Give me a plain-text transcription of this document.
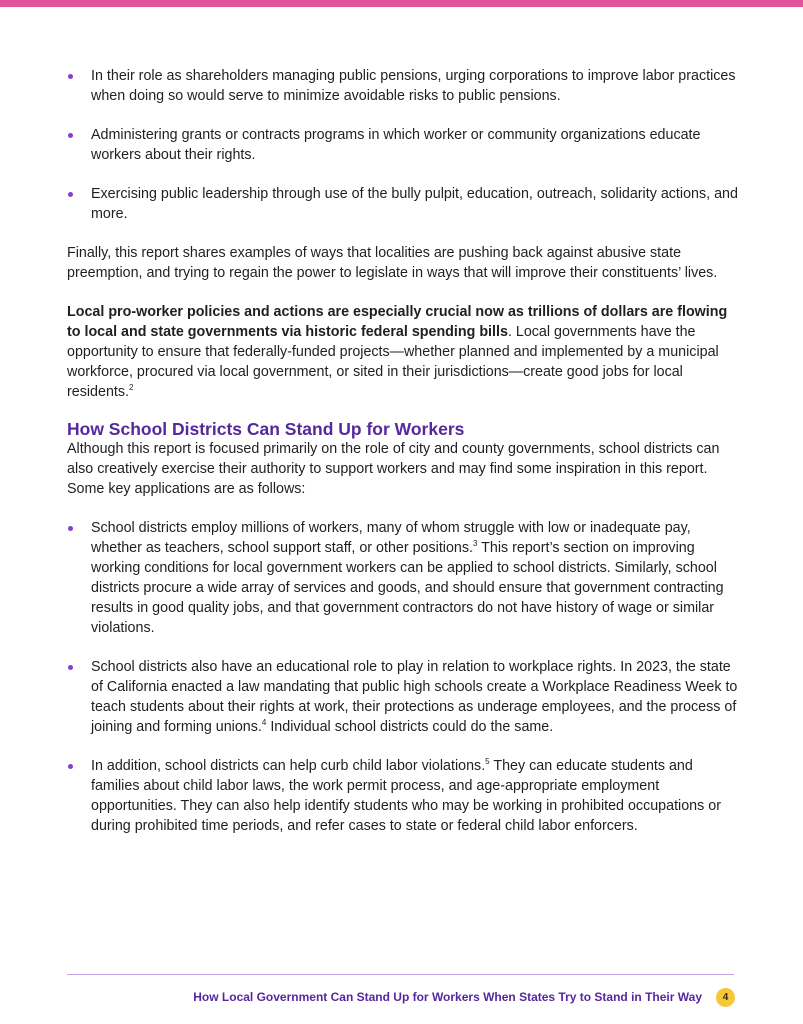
In their role as shareholders managing public pensions, urging corporations to improve labor practices when doing so would serve to minimize avoidable risks to public pensions.
Administering grants or contracts programs in which worker or community organizations educate workers about their rights.
Exercising public leadership through use of the bully pulpit, education, outreach, solidarity actions, and more.

Finally, this report shares examples of ways that localities are pushing back against abusive state preemption, and trying to regain the power to legislate in ways that will improve their constituents’ lives.

Local pro-worker policies and actions are especially crucial now as trillions of dollars are flowing to local and state governments via historic federal spending bills. Local governments have the opportunity to ensure that federally-funded projects—whether planned and implemented by a municipal workforce, procured via local government, or sited in their jurisdictions—create good jobs for local residents.$^2$

How School Districts Can Stand Up for Workers

Although this report is focused primarily on the role of city and county governments, school districts can also creatively exercise their authority to support workers and may find some inspiration in this report. Some key applications are as follows:

School districts employ millions of workers, many of whom struggle with low or inadequate pay, whether as teachers, school support staff, or other positions.$^3$ This report’s section on improving working conditions for local government workers can be applied to school districts. Similarly, school districts procure a wide array of services and goods, and should ensure that government contracting results in good quality jobs, and that government contractors do not have history of wage or similar violations.
School districts also have an educational role to play in relation to workplace rights. In 2023, the state of California enacted a law mandating that public high schools create a Workplace Readiness Week to teach students about their rights at work, their protections as underage employees, and the process of joining and forming unions.$^4$ Individual school districts could do the same.
In addition, school districts can help curb child labor violations.$^5$ They can educate students and families about child labor laws, the work permit process, and age-appropriate employment opportunities. They can also help identify students who may be working in prohibited occupations or during prohibited time periods, and refer cases to state or federal child labor enforcers.
How Local Government Can Stand Up for Workers When States Try to Stand in Their Way	4
